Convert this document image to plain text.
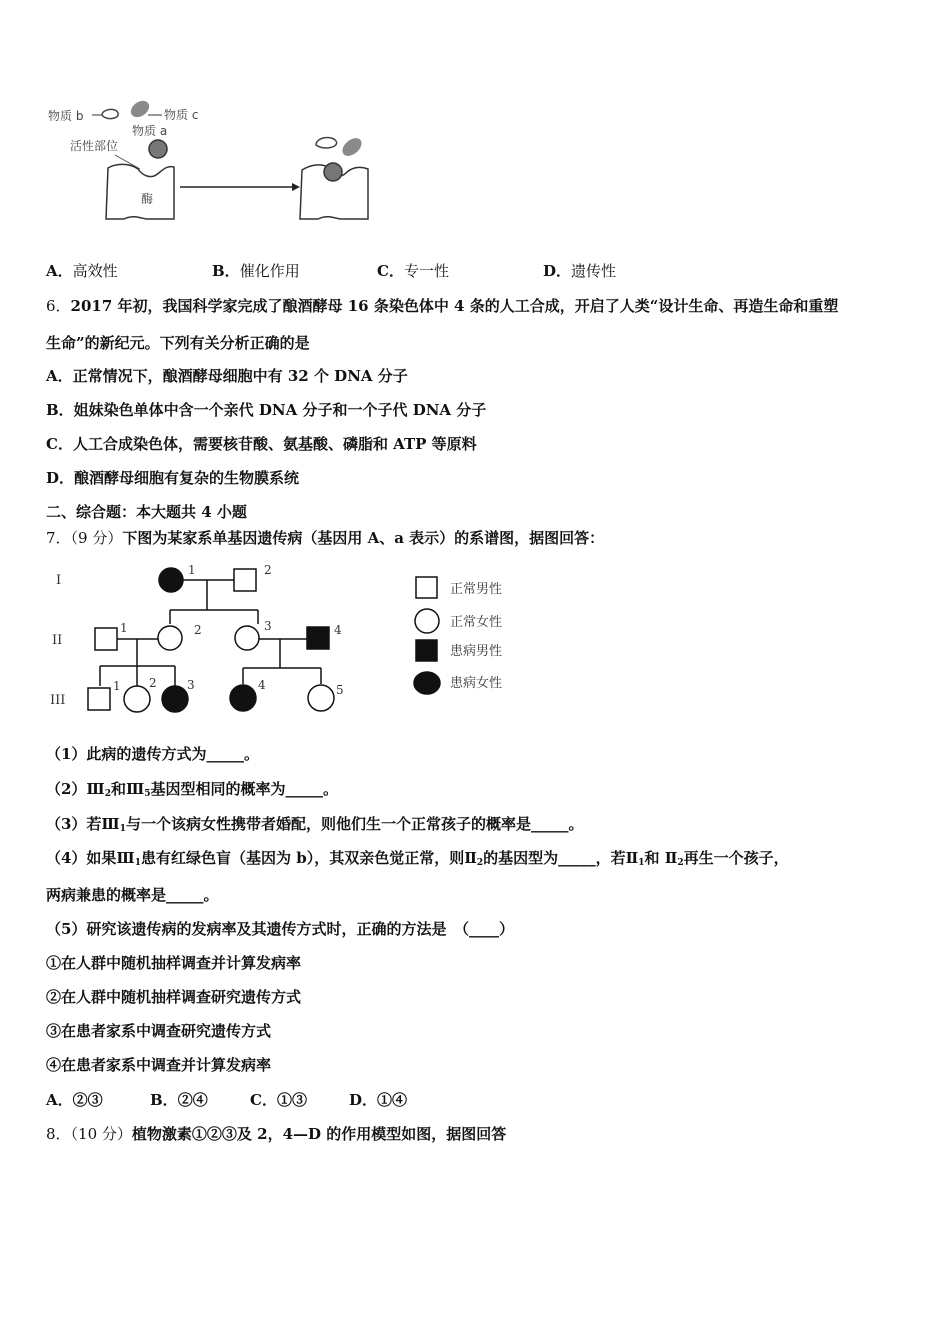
物质 b	物质 c
物质 a
活性部位
酶
A．高效性	B．催化作用	C．专一性	D．遗传性
6．2017 年初，我国科学家完成了酿酒酵母 16 条染色体中 4 条的人工合成，开启了人类“设计生命、再造生命和重塑
生命”的新纪元。下列有关分析正确的是
A．正常情况下，酿酒酵母细胞中有 32 个 DNA 分子
B．姐妹染色单体中含一个亲代 DNA 分子和一个子代 DNA 分子
C．人工合成染色体，需要核苷酸、氨基酸、磷脂和 ATP 等原料
D．酿酒酵母细胞有复杂的生物膜系统
二、综合题：本大题共 4 小题
7．（9 分）下图为某家系单基因遗传病（基因用 A、a 表示）的系谱图，据图回答：
I
II
III
1	2
1	2	3	4
1 2	3	4	5
正常男性
正常女性
患病男性
患病女性
（1）此病的遗传方式为_____。
$(2)Ⅲ_2$和$Ⅲ_5$基因型相同的概率为_____。
（3）若$Ⅲ_1$与一个该病女性携带者婚配，则他们生一个正常孩子的概率是_____。
（4）如果$Ⅲ_1$患有红绿色盲（基因为 b），其双亲色觉正常，则$Ⅱ_2$的基因型为_____，若$Ⅱ_1$和 $Ⅱ_2$再生一个孩子，
两病兼患的概率是_____。
（5）研究该遗传病的发病率及其遗传方式时，正确的方法是　（____）
①在人群中随机抽样调查并计算发病率
②在人群中随机抽样调查研究遗传方式
③在患者家系中调查研究遗传方式
④在患者家系中调查并计算发病率
A．②③	B．②④	C．①③	D．①④
8．（10 分）植物激素①②③及 2，4—D 的作用模型如图，据图回答
